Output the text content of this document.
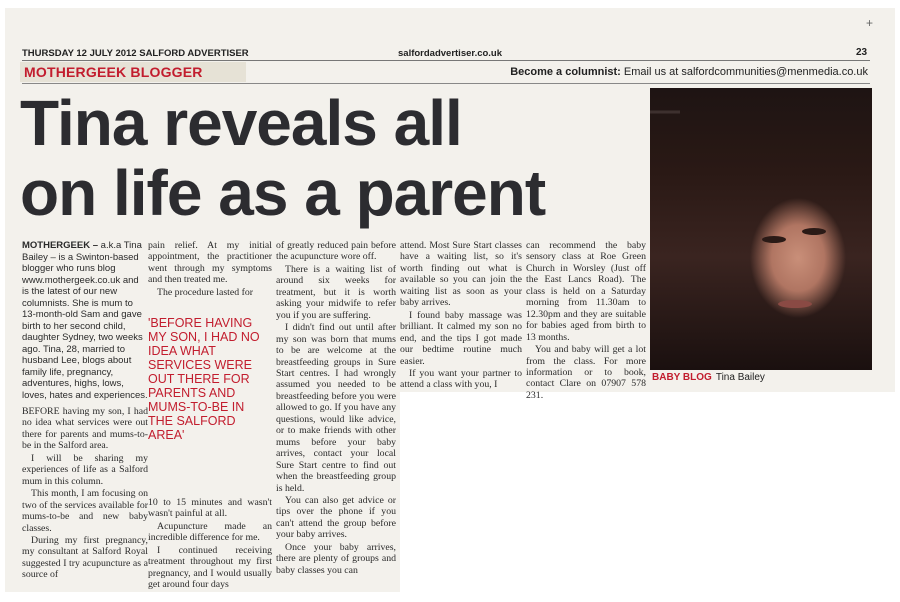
+
THURSDAY 12 JULY 2012 SALFORD ADVERTISER	salfordadvertiser.co.uk	23
MOTHERGEEK BLOGGER	Become a columnist: Email us at salfordcommunities@menmedia.co.uk
Tina reveals all
on life as a parent
—
BABY BLOG Tina Bailey

MOTHERGEEK – a.k.a Tina Bailey – is a Swinton-based blogger who runs blog www.mothergeek.co.uk and is the latest of our new columnists. She is mum to 13-month-old Sam and gave birth to her second child, daughter Sydney, two weeks ago. Tina, 28, married to husband Lee, blogs about family life, pregnancy, adventures, highs, lows, loves, hates and experiences.

BEFORE having my son, I had no idea what services were out there for parents and mums-to-be in the Salford area.

I will be sharing my experiences of life as a Salford mum in this column.

This month, I am focusing on two of the services available for mums-to-be and new baby classes.

During my first pregnancy, my consultant at Salford Royal suggested I try acupuncture as a source of

pain relief. At my initial appointment, the practitioner went through my symptoms and then treated me.

The procedure lasted for

'BEFORE HAVING MY SON, I HAD NO IDEA WHAT SERVICES WERE OUT THERE FOR PARENTS AND MUMS-TO-BE IN THE SALFORD AREA'

10 to 15 minutes and wasn't wasn't painful at all.

Acupuncture made an incredible difference for me.

I continued receiving treatment throughout my first pregnancy, and I would usually get around four days

of greatly reduced pain before the acupuncture wore off.

There is a waiting list of around six weeks for treatment, but it is worth asking your midwife to refer you if you are suffering.

I didn't find out until after my son was born that mums to be are welcome at the breastfeeding groups in Sure Start centres. I had wrongly assumed you needed to be breastfeeding before you were allowed to go. If you have any questions, would like advice, or to make friends with other mums before your baby arrives, contact your local Sure Start centre to find out when the breastfeeding group is held.

You can also get advice or tips over the phone if you can't attend the group before your baby arrives.

Once your baby arrives, there are plenty of groups and baby classes you can

attend. Most Sure Start classes have a waiting list, so it's worth finding out what is available so you can join the waiting list as soon as your baby arrives.

I found baby massage was brilliant. It calmed my son no end, and the tips I got made our bedtime routine much easier.

If you want your partner to attend a class with you, I

can recommend the baby sensory class at Roe Green Church in Worsley (Just off the East Lancs Road). The class is held on a Saturday morning from 11.30am to 12.30pm and they are suitable for babies aged from birth to 13 months.

You and baby will get a lot from the class. For more information or to book, contact Clare on 07907 578 231.
